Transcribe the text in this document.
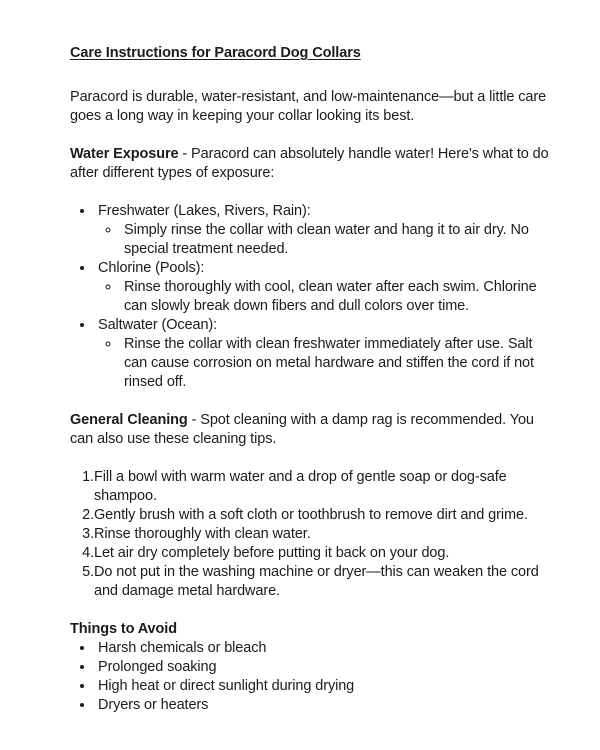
Care Instructions for Paracord Dog Collars

Paracord is durable, water-resistant, and low-maintenance—but a little care goes a long way in keeping your collar looking its best.

Water Exposure - Paracord can absolutely handle water! Here's what to do after different types of exposure:

• Freshwater (Lakes, Rivers, Rain):
◦ Simply rinse the collar with clean water and hang it to air dry. No special treatment needed.
• Chlorine (Pools):
◦ Rinse thoroughly with cool, clean water after each swim. Chlorine can slowly break down fibers and dull colors over time.
• Saltwater (Ocean):
◦ Rinse the collar with clean freshwater immediately after use. Salt can cause corrosion on metal hardware and stiffen the cord if not rinsed off.

General Cleaning - Spot cleaning with a damp rag is recommended. You can also use these cleaning tips.

1. Fill a bowl with warm water and a drop of gentle soap or dog-safe shampoo.
2. Gently brush with a soft cloth or toothbrush to remove dirt and grime.
3. Rinse thoroughly with clean water.
4. Let air dry completely before putting it back on your dog.
5. Do not put in the washing machine or dryer—this can weaken the cord and damage metal hardware.

Things to Avoid

• Harsh chemicals or bleach
• Prolonged soaking
• High heat or direct sunlight during drying
• Dryers or heaters
